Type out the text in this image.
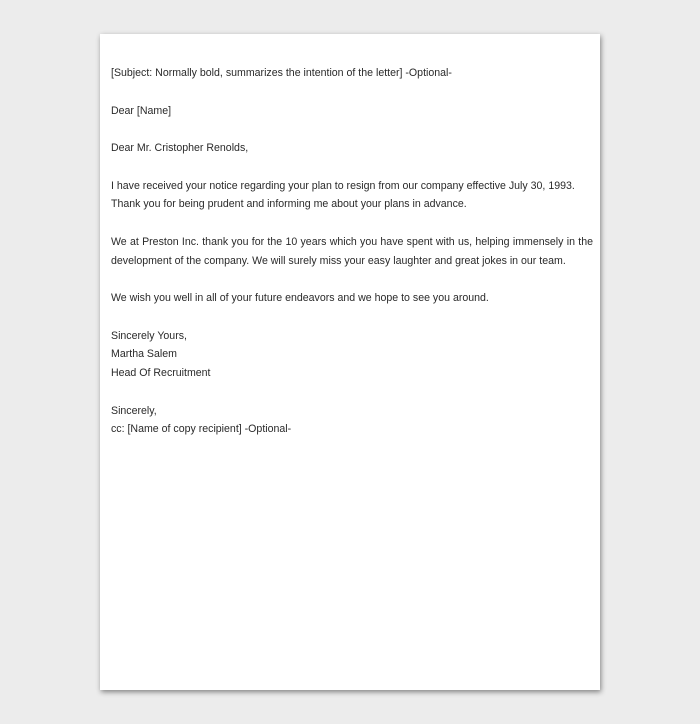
[Subject: Normally bold, summarizes the intention of the letter] -Optional-

Dear [Name]

Dear Mr. Cristopher Renolds,

I have received your notice regarding your plan to resign from our company effective July 30, 1993. Thank you for being prudent and informing me about your plans in advance.

We at Preston Inc. thank you for the 10 years which you have spent with us, helping immensely in the development of the company. We will surely miss your easy laughter and great jokes in our team.

We wish you well in all of your future endeavors and we hope to see you around.

Sincerely Yours,
Martha Salem
Head Of Recruitment
Sincerely,
cc: [Name of copy recipient] -Optional-
